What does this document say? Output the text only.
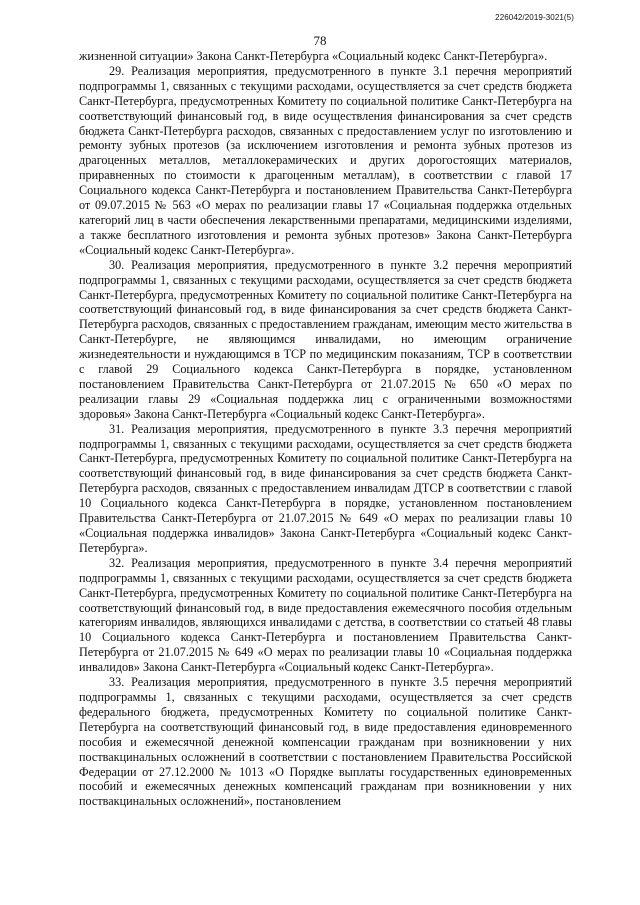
226042/2019-3021(5)
78

жизненной ситуации» Закона Санкт-Петербурга «Социальный кодекс Санкт-Петербурга».

29. Реализация мероприятия, предусмотренного в пункте 3.1 перечня мероприятий подпрограммы 1, связанных с текущими расходами, осуществляется за счет средств бюджета Санкт-Петербурга, предусмотренных Комитету по социальной политике Санкт-Петербурга на соответствующий финансовый год, в виде осуществления финансирования за счет средств бюджета Санкт-Петербурга расходов, связанных с предоставлением услуг по изготовлению и ремонту зубных протезов (за исключением изготовления и ремонта зубных протезов из драгоценных металлов, металлокерамических и других дорогостоящих материалов, приравненных по стоимости к драгоценным металлам), в соответствии с главой 17 Социального кодекса Санкт-Петербурга и постановлением Правительства Санкт-Петербурга от 09.07.2015 № 563 «О мерах по реализации главы 17 «Социальная поддержка отдельных категорий лиц в части обеспечения лекарственными препаратами, медицинскими изделиями, а также бесплатного изготовления и ремонта зубных протезов» Закона Санкт-Петербурга «Социальный кодекс Санкт-Петербурга».

30. Реализация мероприятия, предусмотренного в пункте 3.2 перечня мероприятий подпрограммы 1, связанных с текущими расходами, осуществляется за счет средств бюджета Санкт-Петербурга, предусмотренных Комитету по социальной политике Санкт-Петербурга на соответствующий финансовый год, в виде финансирования за счет средств бюджета Санкт-Петербурга расходов, связанных с предоставлением гражданам, имеющим место жительства в Санкт-Петербурге, не являющимся инвалидами, но имеющим ограничение жизнедеятельности и нуждающимся в ТСР по медицинским показаниям, ТСР в соответствии с главой 29 Социального кодекса Санкт-Петербурга в порядке, установленном постановлением Правительства Санкт-Петербурга от 21.07.2015 № 650 «О мерах по реализации главы 29 «Социальная поддержка лиц с ограниченными возможностями здоровья» Закона Санкт-Петербурга «Социальный кодекс Санкт-Петербурга».

31. Реализация мероприятия, предусмотренного в пункте 3.3 перечня мероприятий подпрограммы 1, связанных с текущими расходами, осуществляется за счет средств бюджета Санкт-Петербурга, предусмотренных Комитету по социальной политике Санкт-Петербурга на соответствующий финансовый год, в виде финансирования за счет средств бюджета Санкт-Петербурга расходов, связанных с предоставлением инвалидам ДТСР в соответствии с главой 10 Социального кодекса Санкт-Петербурга в порядке, установленном постановлением Правительства Санкт-Петербурга от 21.07.2015 № 649 «О мерах по реализации главы 10 «Социальная поддержка инвалидов» Закона Санкт-Петербурга «Социальный кодекс Санкт-Петербурга».

32. Реализация мероприятия, предусмотренного в пункте 3.4 перечня мероприятий подпрограммы 1, связанных с текущими расходами, осуществляется за счет средств бюджета Санкт-Петербурга, предусмотренных Комитету по социальной политике Санкт-Петербурга на соответствующий финансовый год, в виде предоставления ежемесячного пособия отдельным категориям инвалидов, являющихся инвалидами с детства, в соответствии со статьей 48 главы 10 Социального кодекса Санкт-Петербурга и постановлением Правительства Санкт-Петербурга от 21.07.2015 № 649 «О мерах по реализации главы 10 «Социальная поддержка инвалидов» Закона Санкт-Петербурга «Социальный кодекс Санкт-Петербурга».

33. Реализация мероприятия, предусмотренного в пункте 3.5 перечня мероприятий подпрограммы 1, связанных с текущими расходами, осуществляется за счет средств федерального бюджета, предусмотренных Комитету по социальной политике Санкт-Петербурга на соответствующий финансовый год, в виде предоставления единовременного пособия и ежемесячной денежной компенсации гражданам при возникновении у них поствакцинальных осложнений в соответствии с постановлением Правительства Российской Федерации от 27.12.2000 № 1013 «О Порядке выплаты государственных единовременных пособий и ежемесячных денежных компенсаций гражданам при возникновении у них поствакцинальных осложнений», постановлением
